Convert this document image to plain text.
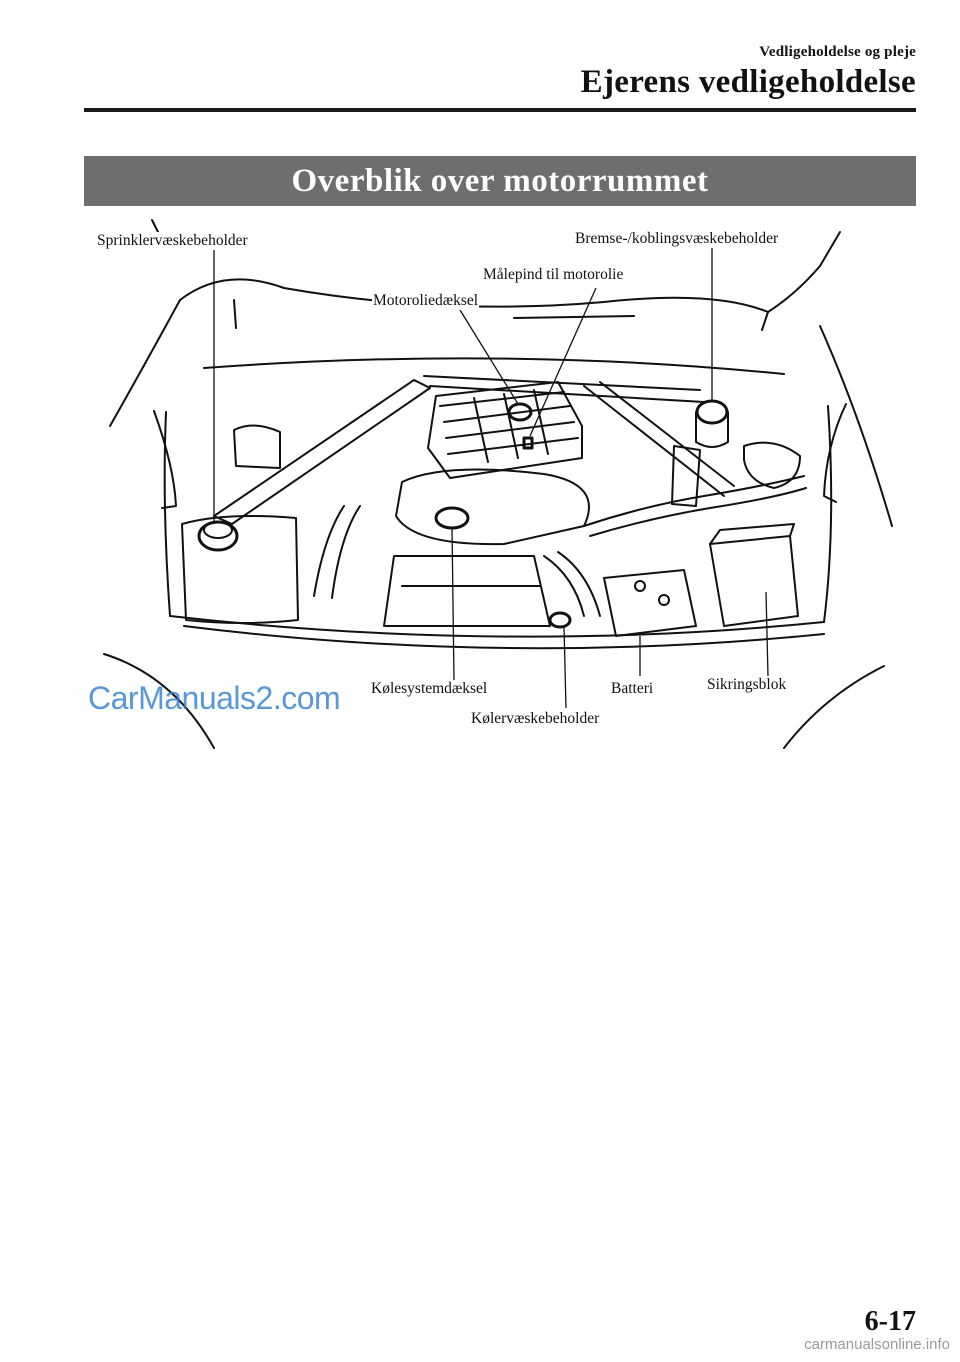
Vedligeholdelse og pleje
Ejerens vedligeholdelse
Overblik over motorrummet
Sprinklervæskebeholder	Bremse-/koblingsvæskebeholder
Målepind til motorolie
Motoroliedæksel
Kølesystemdæksel
Kølervæskebeholder
Batteri	Sikringsblok
CarManuals2.com
6-17
carmanualsonline.info
